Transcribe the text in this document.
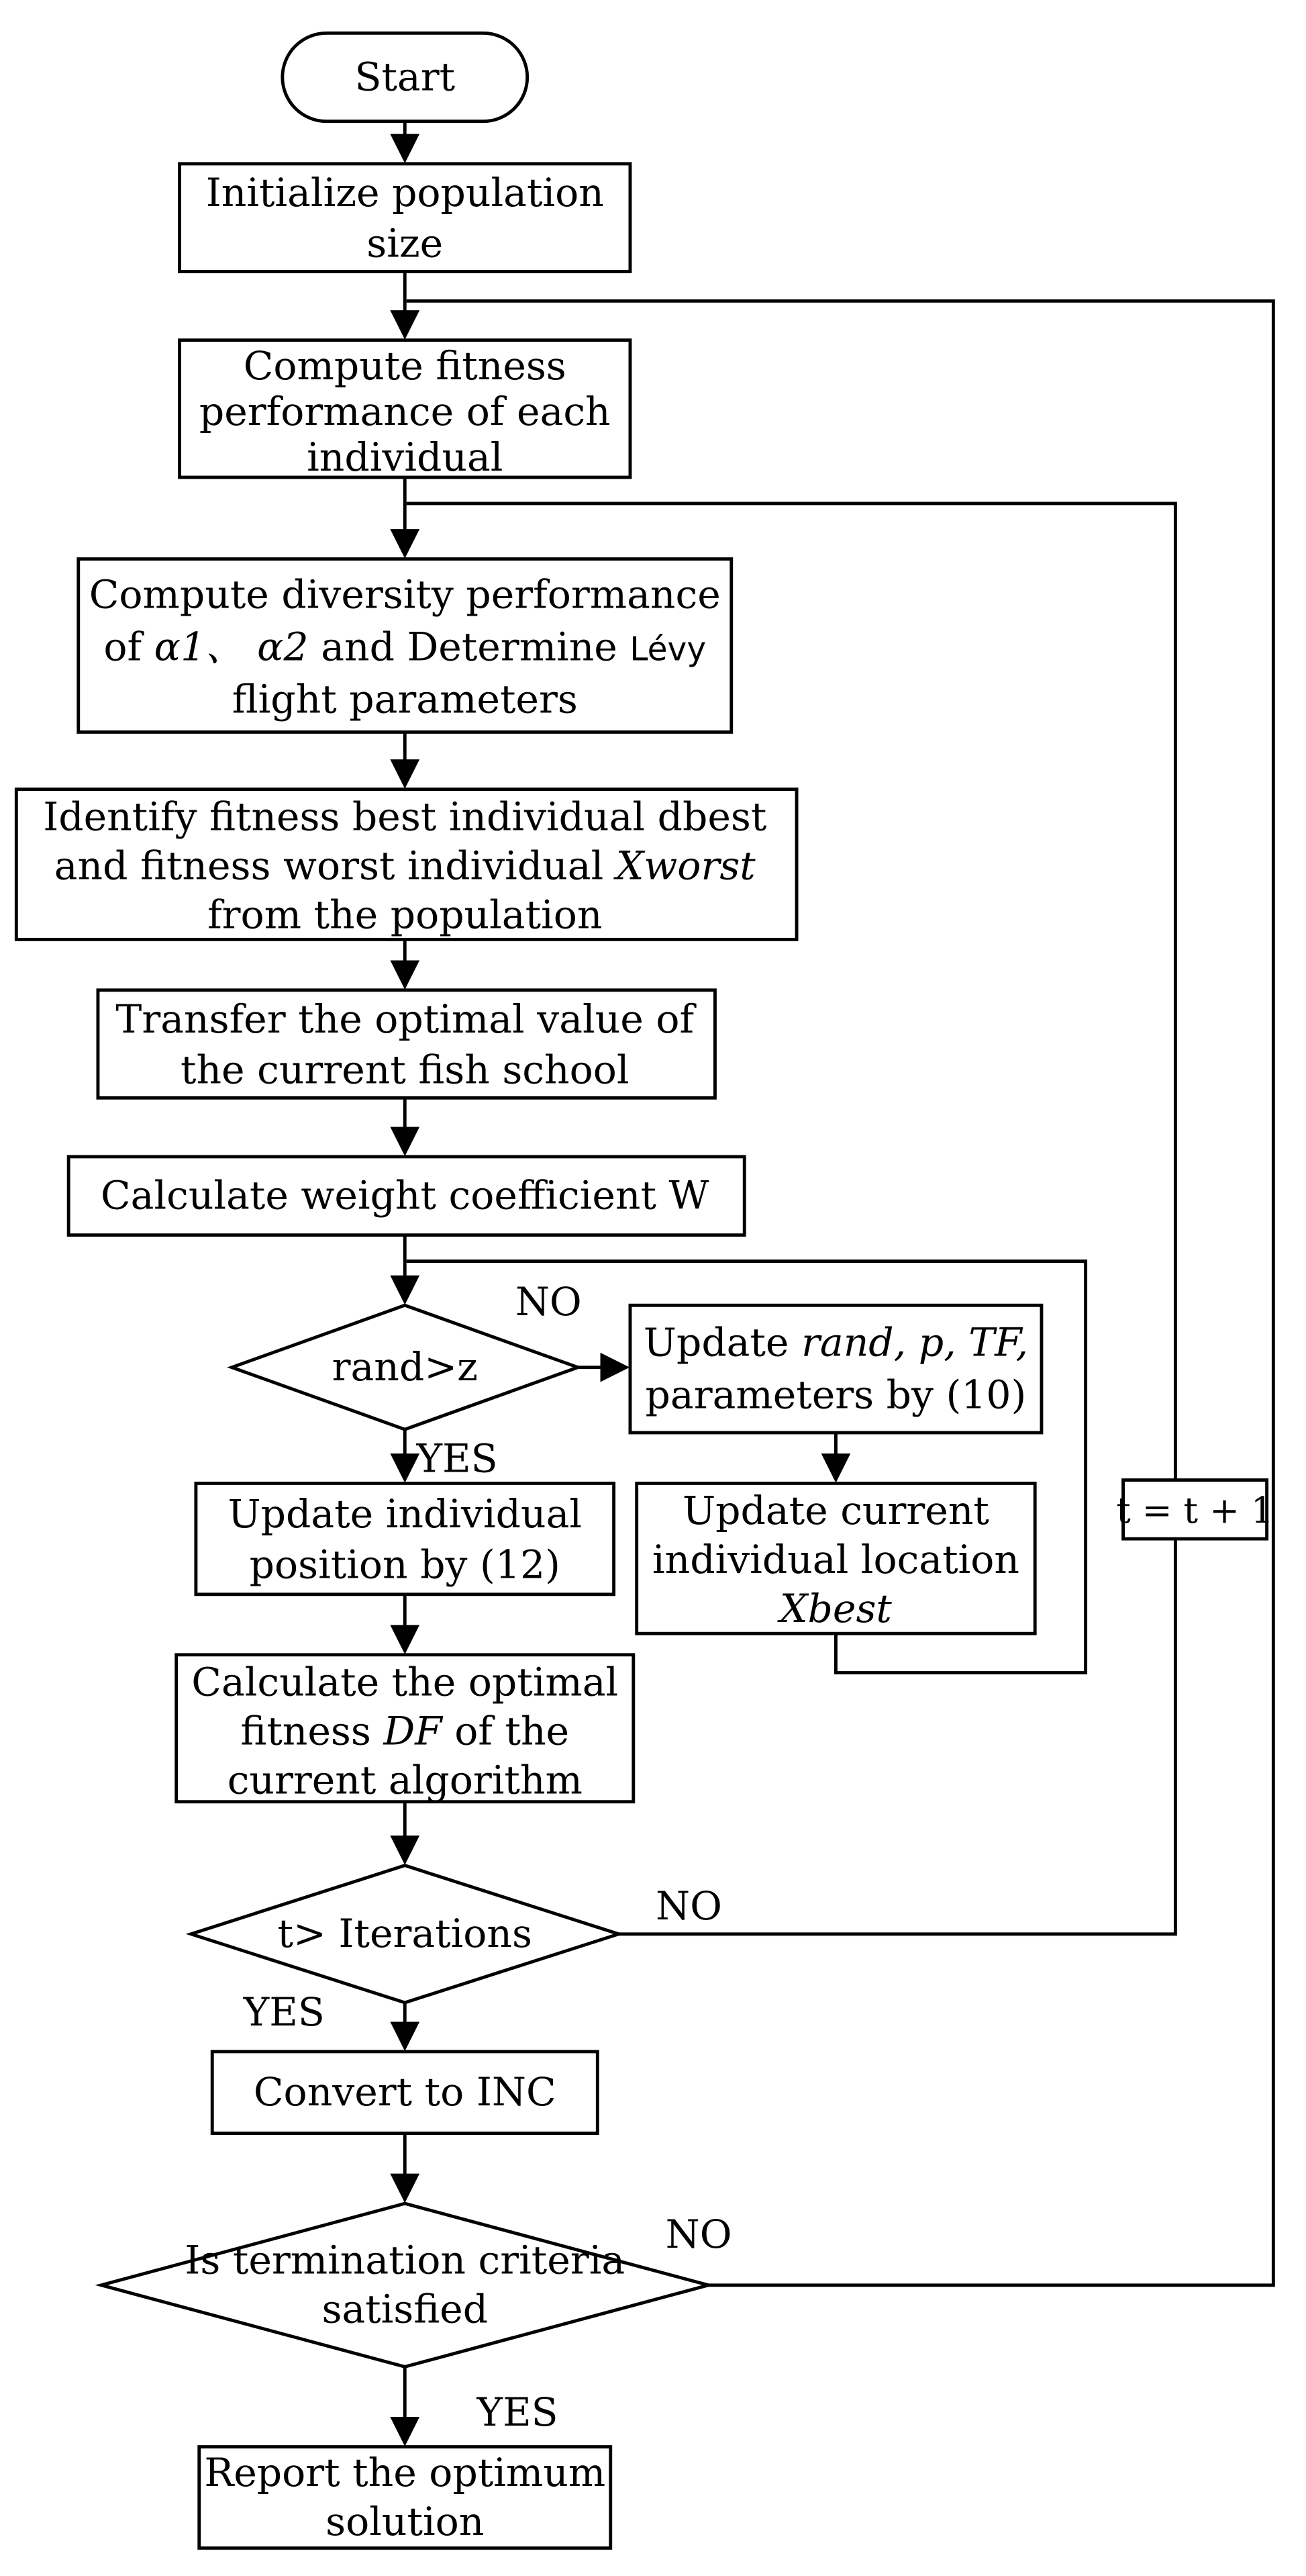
Start
Initialize population
size
Compute fitness
performance of each
individual
Compute diversity performance
of α1、 α2 and Determine Lévy
flight parameters
Identify fitness best individual dbest
and fitness worst individual Xworst
from the population
Transfer the optimal value of
the current fish school
Calculate weight coefficient W
rand>z
NO
YES
Update rand, p, TF,
parameters by (10)
Update current
individual location
Xbest
Update individual
position by (12)
Calculate the optimal
fitness DF of the
current algorithm
t> Iterations
NO
YES
t = t + 1
Convert to INC
Is termination criteria
satisfied
NO
YES
Report the optimum
solution
